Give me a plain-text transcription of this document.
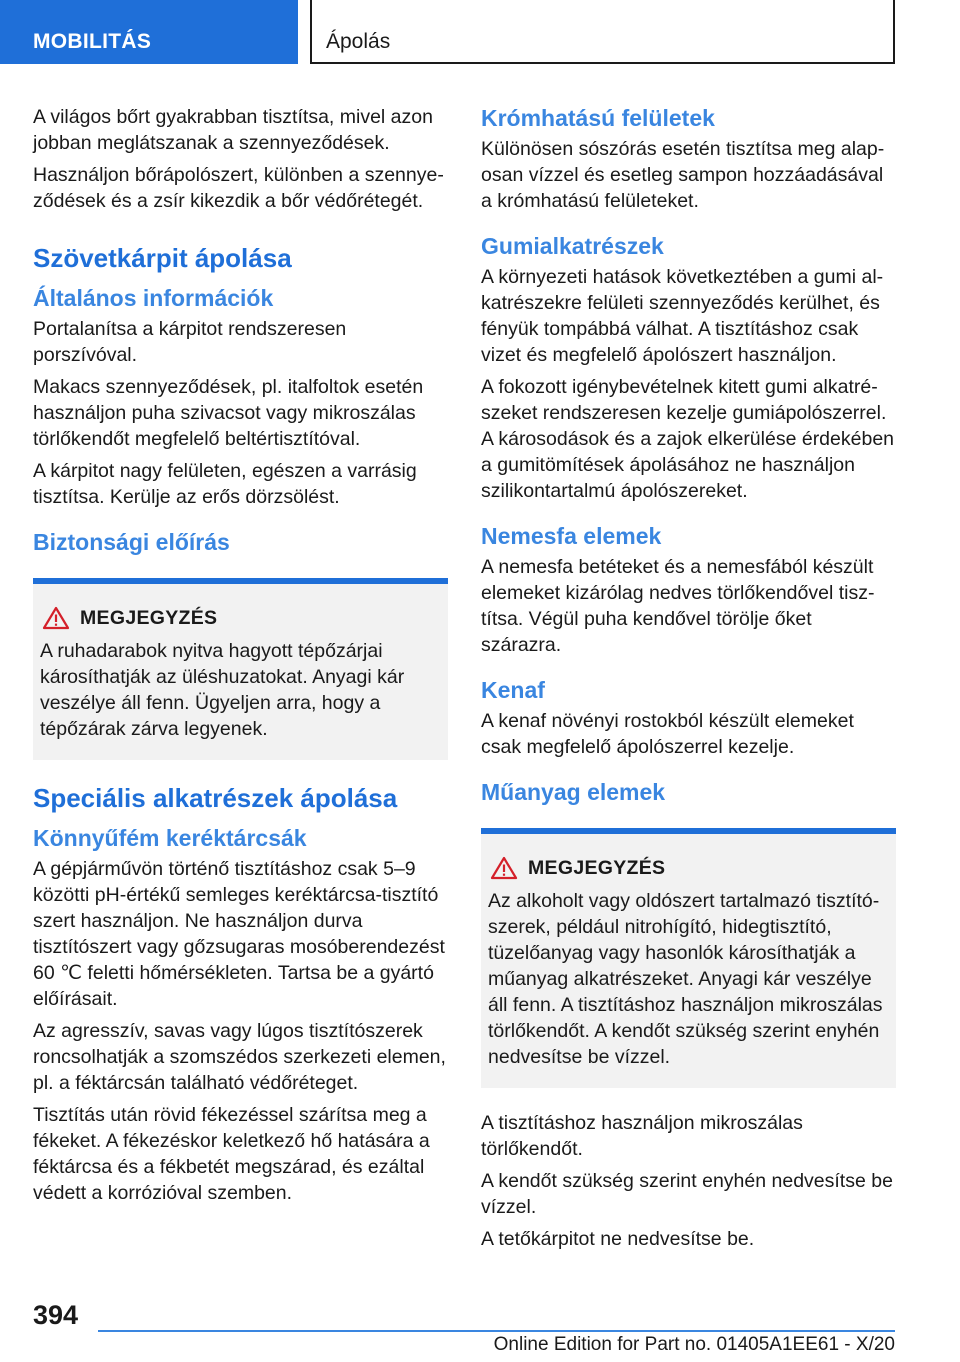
MOBILITÁS	Ápolás

A világos bőrt gyakrabban tisztítsa, mivel azon jobban meglátszanak a szennyeződések.

Használjon bőrápolószert, különben a szennyeződések és a zsír kikezdik a bőr védőrétegét.

Szövetkárpit ápolása
Általános információk

Portalanítsa a kárpitot rendszeresen porszívóval.

Makacs szennyeződések, pl. italfoltok esetén használjon puha szivacsot vagy mikroszálas törlőkendőt megfelelő beltértisztítóval.

A kárpitot nagy felületen, egészen a varrásig tisztítsa. Kerülje az erős dörzsölést.

Biztonsági előírás
MEGJEGYZÉS

A ruhadarabok nyitva hagyott tépőzárjai károsíthatják az üléshuzatokat. Anyagi kár veszélye áll fenn. Ügyeljen arra, hogy a tépőzárak zárva legyenek.

Speciális alkatrészek ápolása
Könnyűfém keréktárcsák

A gépjárművön történő tisztításhoz csak 5–9 közötti pH-értékű semleges keréktárcsa-tisztító szert használjon. Ne használjon durva tisztítószert vagy gőzsugaras mosóberendezést 60 ℃ feletti hőmérsékleten. Tartsa be a gyártó előírásait.

Az agresszív, savas vagy lúgos tisztítószerek roncsolhatják a szomszédos szerkezeti elemen, pl. a féktárcsán található védőréteget.

Tisztítás után rövid fékezéssel szárítsa meg a fékeket. A fékezéskor keletkező hő hatására a féktárcsa és a fékbetét megszárad, és ezáltal védett a korrózióval szemben.

Krómhatású felületek

Különösen sószórás esetén tisztítsa meg alaposan vízzel és esetleg sampon hozzáadásával a krómhatású felületeket.

Gumialkatrészek

A környezeti hatások következtében a gumi alkatrészekre felületi szennyeződés kerülhet, és fényük tompábbá válhat. A tisztításhoz csak vizet és megfelelő ápolószert használjon.

A fokozott igénybevételnek kitett gumi alkatrészeket rendszeresen kezelje gumiápolószerrel. A károsodások és a zajok elkerülése érdekében a gumitömítések ápolásához ne használjon szilikontartalmú ápolószereket.

Nemesfa elemek

A nemesfa betéteket és a nemesfából készült elemeket kizárólag nedves törlőkendővel tisztítsa. Végül puha kendővel törölje őket szárazra.

Kenaf

A kenaf növényi rostokból készült elemeket csak megfelelő ápolószerrel kezelje.

Műanyag elemek
MEGJEGYZÉS

Az alkoholt vagy oldószert tartalmazó tisztítószerek, például nitrohígító, hidegtisztító, tüzelőanyag vagy hasonlók károsíthatják a műanyag alkatrészeket. Anyagi kár veszélye áll fenn. A tisztításhoz használjon mikroszálas törlőkendőt. A kendőt szükség szerint enyhén nedvesítse be vízzel.

A tisztításhoz használjon mikroszálas törlőkendőt.

A kendőt szükség szerint enyhén nedvesítse be vízzel.

A tetőkárpitot ne nedvesítse be.

394
Online Edition for Part no. 01405A1EE61 - X/20
